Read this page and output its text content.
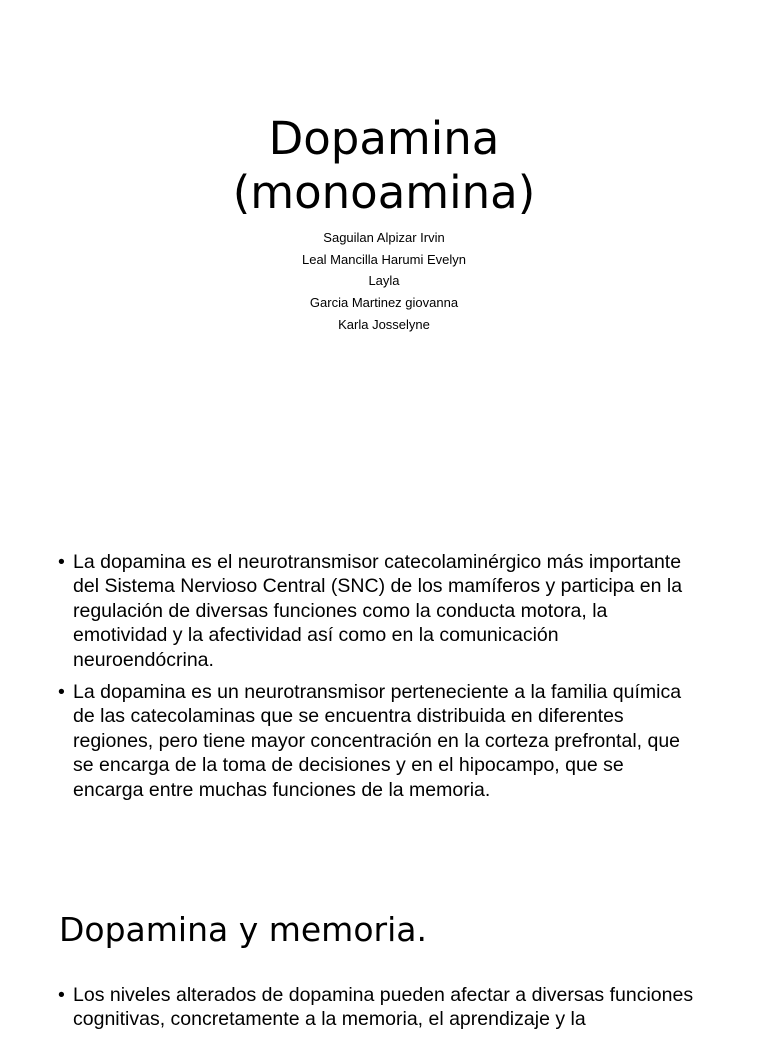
Dopamina
(monoamina)
Saguilan Alpizar Irvin
Leal Mancilla Harumi Evelyn
Layla
Garcia Martinez giovanna
Karla Josselyne
• La dopamina es el neurotransmisor catecolaminérgico más importante del Sistema Nervioso Central (SNC) de los mamíferos y participa en la regulación de diversas funciones como la conducta motora, la emotividad y la afectividad así como en la comunicación neuroendócrina.
• La dopamina es un neurotransmisor perteneciente a la familia química de las catecolaminas que se encuentra distribuida en diferentes regiones, pero tiene mayor concentración en la corteza prefrontal, que se encarga de la toma de decisiones y en el hipocampo, que se encarga entre muchas funciones de la memoria.
Dopamina y memoria.
• Los niveles alterados de dopamina pueden afectar a diversas funciones cognitivas, concretamente a la memoria, el aprendizaje y la
